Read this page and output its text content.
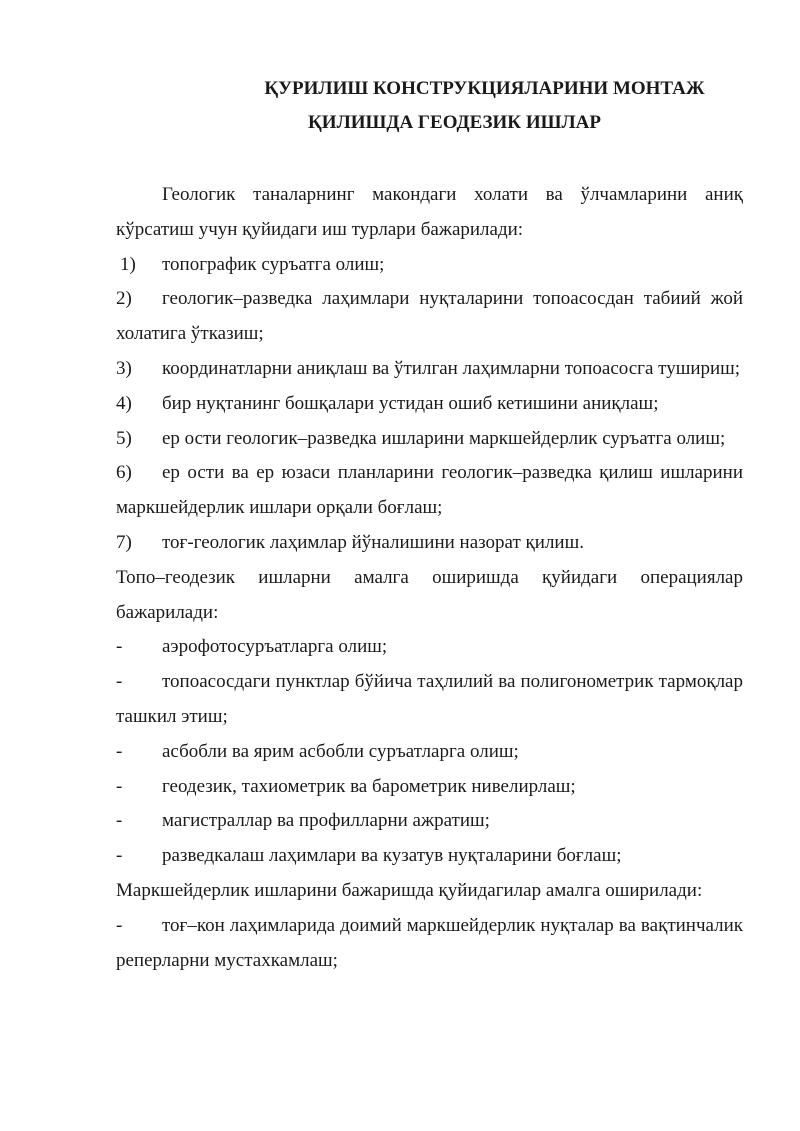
ҚУРИЛИШ КОНСТРУКЦИЯЛАРИНИ МОНТАЖ
ҚИЛИШДА ГЕОДЕЗИК ИШЛАР

Геологик таналарнинг макондаги холати ва ўлчамларини аниқ кўрсатиш учун қуйидаги иш турлари бажарилади:

1) топографик суръатга олиш;

2) геологик–разведка лаҳимлари нуқталарини топоасосдан табиий жой холатига ўтказиш;

3) координатларни аниқлаш ва ўтилган лаҳимларни топоасосга тушириш;

4) бир нуқтанинг бошқалари устидан ошиб кетишини аниқлаш;

5) ер ости геологик–разведка ишларини маркшейдерлик суръатга олиш;

6) ер ости ва ер юзаси планларини геологик–разведка қилиш ишларини маркшейдерлик ишлари орқали боғлаш;

7) тоғ-геологик лаҳимлар йўналишини назорат қилиш.

Топо–геодезик ишларни амалга оширишда қуйидаги операциялар бажарилади:

- аэрофотосуръатларга олиш;

- топоасосдаги пунктлар бўйича таҳлилий ва полигонометрик тармоқлар ташкил этиш;

- асбобли ва ярим асбобли суръатларга олиш;

- геодезик, тахиометрик ва барометрик нивелирлаш;

- магистраллар ва профилларни ажратиш;

- разведкалаш лаҳимлари ва кузатув нуқталарини боғлаш;

Маркшейдерлик ишларини бажаришда қуйидагилар амалга оширилади:

- тоғ–кон лаҳимларида доимий маркшейдерлик нуқталар ва вақтинчалик реперларни мустахкамлаш;
